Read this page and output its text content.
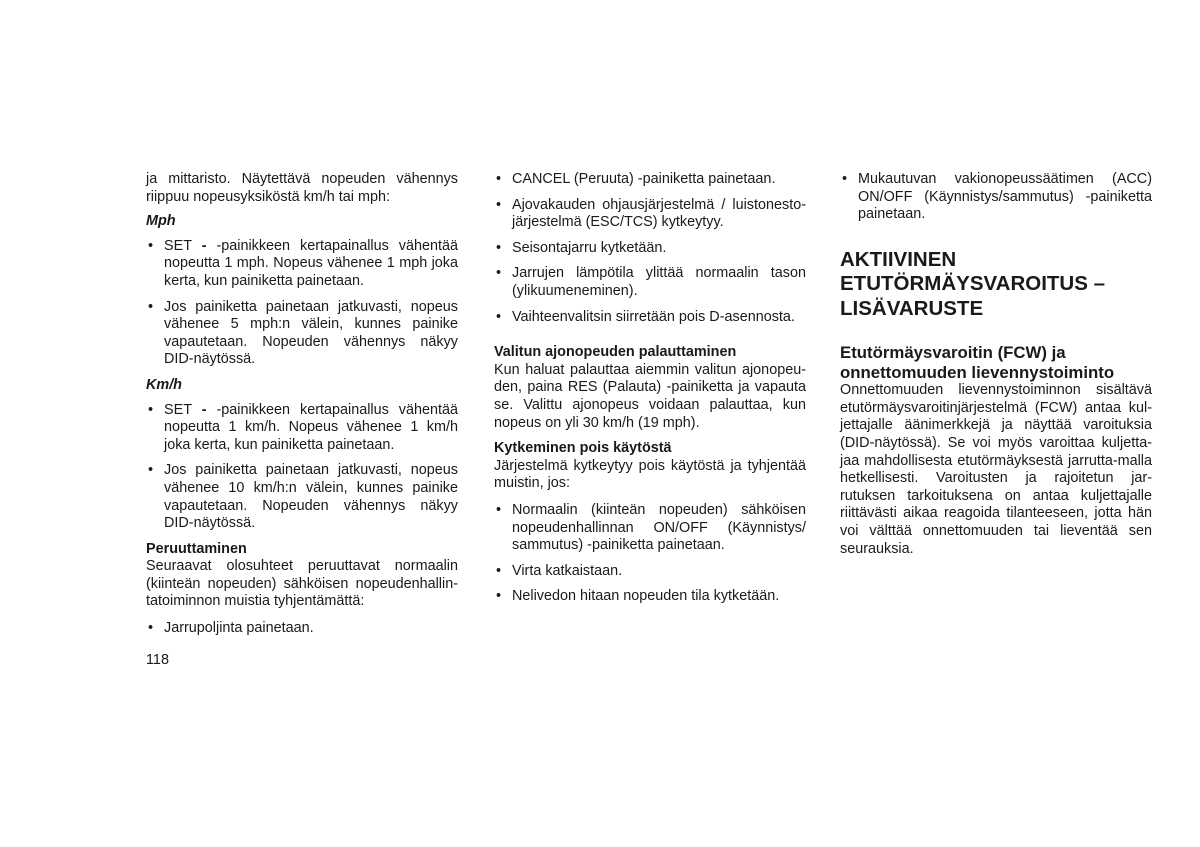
ja mittaristo. Näytettävä nopeuden vähennys riippuu nopeusyksiköstä km/h tai mph:

Mph
• SET - -painikkeen kertapainallus vähentää nopeutta 1 mph. Nopeus vähenee 1 mph joka kerta, kun painiketta painetaan.
• Jos painiketta painetaan jatkuvasti, nopeus vähenee 5 mph:n välein, kunnes painike vapautetaan. Nopeuden vähennys näkyy DID-näytössä.
Km/h
• SET - -painikkeen kertapainallus vähentää nopeutta 1 km/h. Nopeus vähenee 1 km/h joka kerta, kun painiketta painetaan.
• Jos painiketta painetaan jatkuvasti, nopeus vähenee 10 km/h:n välein, kunnes painike vapautetaan. Nopeuden vähennys näkyy DID-näytössä.
Peruuttaminen

Seuraavat olosuhteet peruuttavat normaalin (kiinteän nopeuden) sähköisen nopeudenhallin-tatoiminnon muistia tyhjentämättä:

• Jarrupoljinta painetaan.
• CANCEL (Peruuta) -painiketta painetaan.
• Ajovakauden ohjausjärjestelmä / luistonesto-järjestelmä (ESC/TCS) kytkeytyy.
• Seisontajarru kytketään.
• Jarrujen lämpötila ylittää normaalin tason (ylikuumeneminen).
• Vaihteenvalitsin siirretään pois D-asennosta.
Valitun ajonopeuden palauttaminen

Kun haluat palauttaa aiemmin valitun ajonopeu-den, paina RES (Palauta) -painiketta ja vapauta se. Valittu ajonopeus voidaan palauttaa, kun nopeus on yli 30 km/h (19 mph).

Kytkeminen pois käytöstä

Järjestelmä kytkeytyy pois käytöstä ja tyhjentää muistin, jos:

• Normaalin (kiinteän nopeuden) sähköisen nopeudenhallinnan ON/OFF (Käynnistys/ sammutus) -painiketta painetaan.
• Virta katkaistaan.
• Nelivedon hitaan nopeuden tila kytketään.
• Mukautuvan vakionopeussäätimen (ACC) ON/OFF (Käynnistys/sammutus) -painiketta painetaan.
AKTIIVINEN
ETUTÖRMÄYSVAROITUS –
LISÄVARUSTE
Etutörmäysvaroitin (FCW) ja
onnettomuuden lievennystoiminto

Onnettomuuden lievennystoiminnon sisältävä etutörmäysvaroitinjärjestelmä (FCW) antaa kul-jettajalle äänimerkkejä ja näyttää varoituksia (DID-näytössä). Se voi myös varoittaa kuljetta-jaa mahdollisesta etutörmäyksestä jarrutta-malla hetkellisesti. Varoitusten ja rajoitetun jar-rutuksen tarkoituksena on antaa kuljettajalle riittävästi aikaa reagoida tilanteeseen, jotta hän voi välttää onnettomuuden tai lieventää sen seurauksia.

118
